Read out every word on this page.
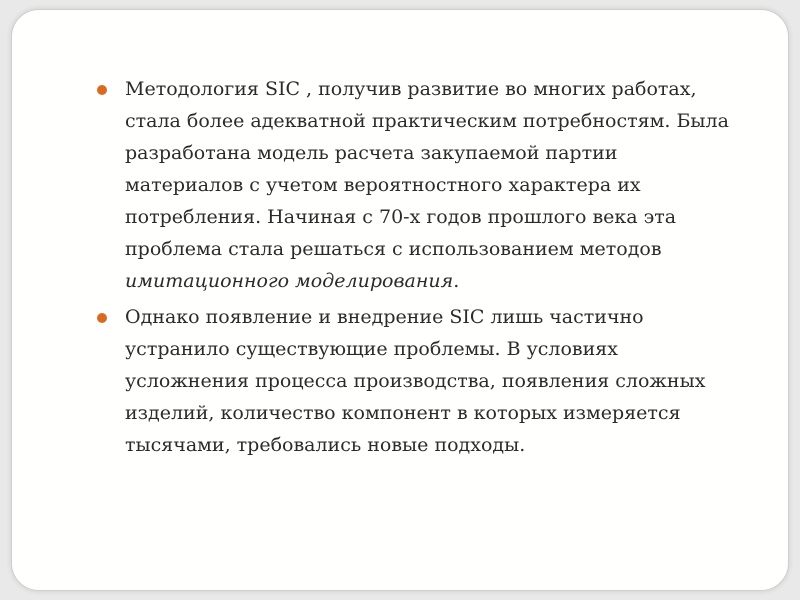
Методология SIC , получив развитие во многих работах, стала более адекватной практическим потребностям. Была разработана модель расчета закупаемой партии материалов с учетом вероятностного характера их потребления. Начиная с 70-х годов прошлого века эта проблема стала решаться с использованием методов имитационного моделирования.
Однако появление и внедрение SIC лишь частично устранило существующие проблемы. В условиях усложнения процесса производства, появления сложных изделий, количество компонент в которых измеряется тысячами, требовались новые подходы.
